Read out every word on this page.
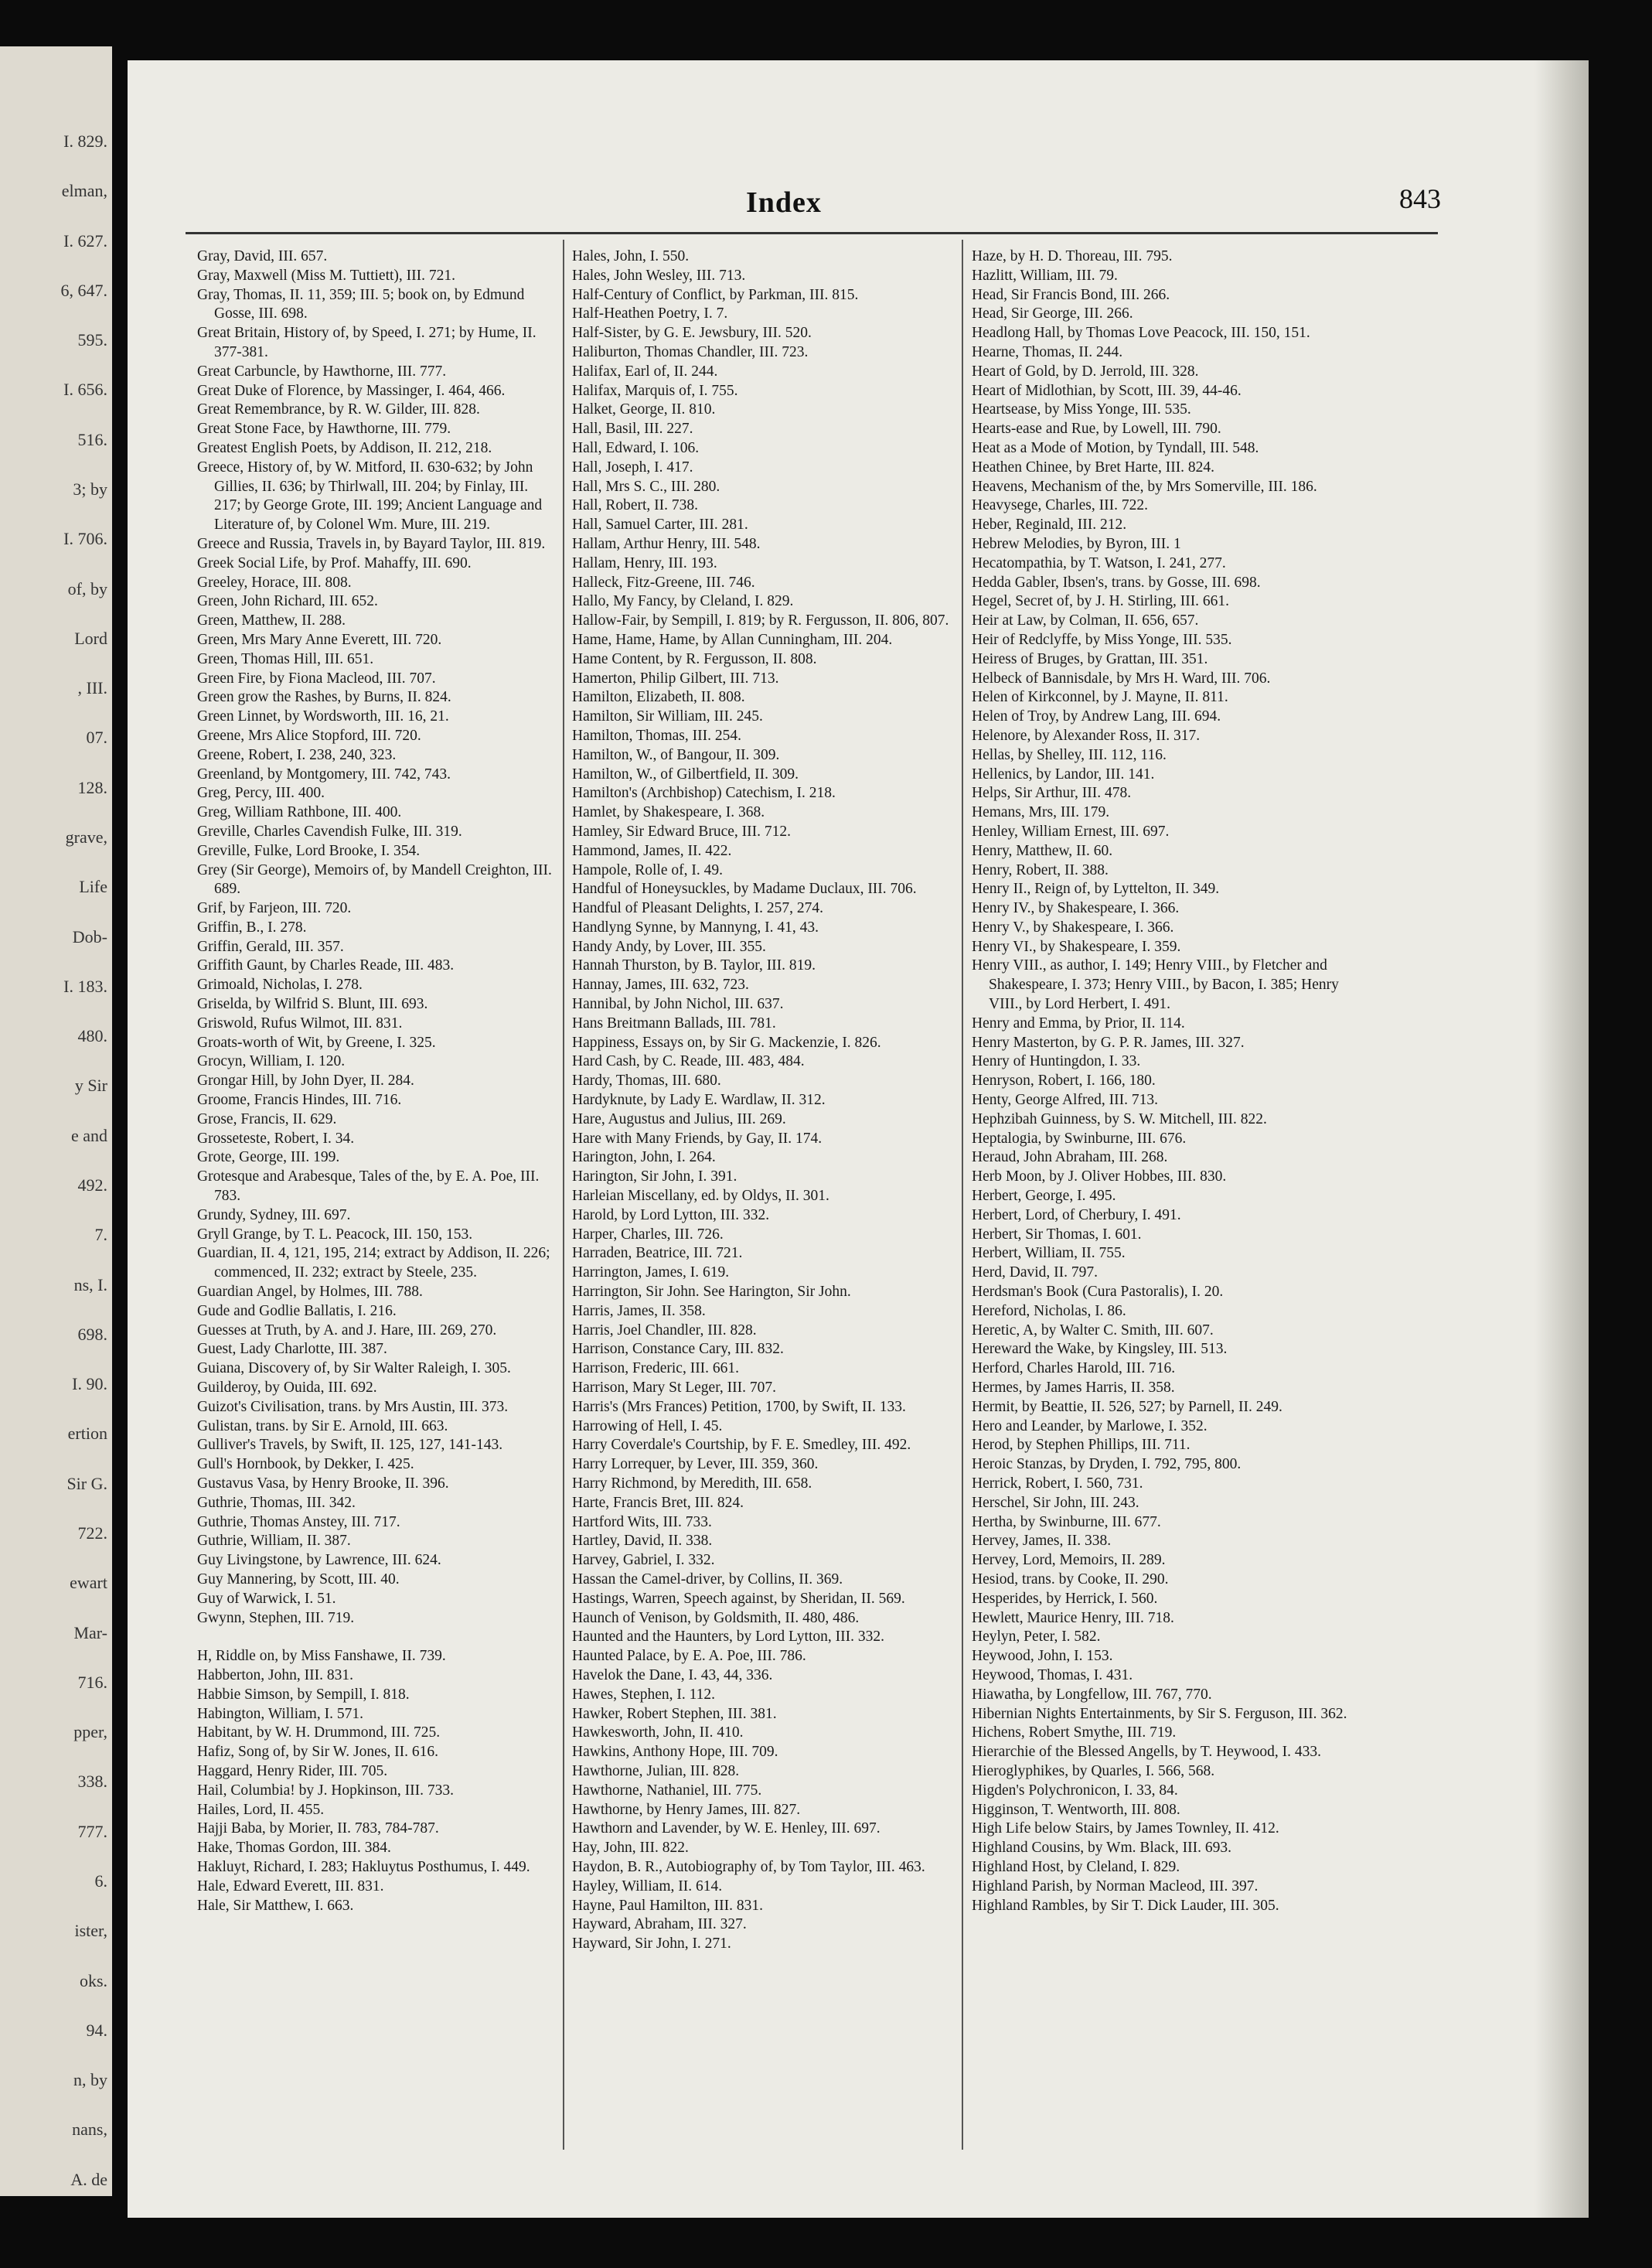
I. 829.
elman,
I. 627.
6, 647.
595.
I. 656.
516.
3; by
I. 706.
of, by
Lord
, III.
07.
128.
grave,
Life
Dob-
I. 183.
480.
y Sir
e and
492.
7.
ns, I.
698.
I. 90.
ertion
Sir G.
722.
ewart
Mar-
716.
pper,
338.
777.
6.
ister,
oks.
94.
n, by
nans,
A. de
Index	843
Gray, David, III. 657.
Gray, Maxwell (Miss M. Tuttiett), III. 721.
Gray, Thomas, II. 11, 359; III. 5; book on, by Edmund Gosse, III. 698.
Great Britain, History of, by Speed, I. 271; by Hume, II. 377-381.
Great Carbuncle, by Hawthorne, III. 777.
Great Duke of Florence, by Massinger, I. 464, 466.
Great Remembrance, by R. W. Gilder, III. 828.
Great Stone Face, by Hawthorne, III. 779.
Greatest English Poets, by Addison, II. 212, 218.
Greece, History of, by W. Mitford, II. 630-632; by John Gillies, II. 636; by Thirlwall, III. 204; by Finlay, III. 217; by George Grote, III. 199; Ancient Language and Literature of, by Colonel Wm. Mure, III. 219.
Greece and Russia, Travels in, by Bayard Taylor, III. 819.
Greek Social Life, by Prof. Mahaffy, III. 690.
Greeley, Horace, III. 808.
Green, John Richard, III. 652.
Green, Matthew, II. 288.
Green, Mrs Mary Anne Everett, III. 720.
Green, Thomas Hill, III. 651.
Green Fire, by Fiona Macleod, III. 707.
Green grow the Rashes, by Burns, II. 824.
Green Linnet, by Wordsworth, III. 16, 21.
Greene, Mrs Alice Stopford, III. 720.
Greene, Robert, I. 238, 240, 323.
Greenland, by Montgomery, III. 742, 743.
Greg, Percy, III. 400.
Greg, William Rathbone, III. 400.
Greville, Charles Cavendish Fulke, III. 319.
Greville, Fulke, Lord Brooke, I. 354.
Grey (Sir George), Memoirs of, by Mandell Creighton, III. 689.
Grif, by Farjeon, III. 720.
Griffin, B., I. 278.
Griffin, Gerald, III. 357.
Griffith Gaunt, by Charles Reade, III. 483.
Grimoald, Nicholas, I. 278.
Griselda, by Wilfrid S. Blunt, III. 693.
Griswold, Rufus Wilmot, III. 831.
Groats-worth of Wit, by Greene, I. 325.
Grocyn, William, I. 120.
Grongar Hill, by John Dyer, II. 284.
Groome, Francis Hindes, III. 716.
Grose, Francis, II. 629.
Grosseteste, Robert, I. 34.
Grote, George, III. 199.
Grotesque and Arabesque, Tales of the, by E. A. Poe, III. 783.
Grundy, Sydney, III. 697.
Gryll Grange, by T. L. Peacock, III. 150, 153.
Guardian, II. 4, 121, 195, 214; extract by Addison, II. 226; commenced, II. 232; extract by Steele, 235.
Guardian Angel, by Holmes, III. 788.
Gude and Godlie Ballatis, I. 216.
Guesses at Truth, by A. and J. Hare, III. 269, 270.
Guest, Lady Charlotte, III. 387.
Guiana, Discovery of, by Sir Walter Raleigh, I. 305.
Guilderoy, by Ouida, III. 692.
Guizot's Civilisation, trans. by Mrs Austin, III. 373.
Gulistan, trans. by Sir E. Arnold, III. 663.
Gulliver's Travels, by Swift, II. 125, 127, 141-143.
Gull's Hornbook, by Dekker, I. 425.
Gustavus Vasa, by Henry Brooke, II. 396.
Guthrie, Thomas, III. 342.
Guthrie, Thomas Anstey, III. 717.
Guthrie, William, II. 387.
Guy Livingstone, by Lawrence, III. 624.
Guy Mannering, by Scott, III. 40.
Guy of Warwick, I. 51.
Gwynn, Stephen, III. 719.

H, Riddle on, by Miss Fanshawe, II. 739.
Habberton, John, III. 831.
Habbie Simson, by Sempill, I. 818.
Habington, William, I. 571.
Habitant, by W. H. Drummond, III. 725.
Hafiz, Song of, by Sir W. Jones, II. 616.
Haggard, Henry Rider, III. 705.
Hail, Columbia! by J. Hopkinson, III. 733.
Hailes, Lord, II. 455.
Hajji Baba, by Morier, II. 783, 784-787.
Hake, Thomas Gordon, III. 384.
Hakluyt, Richard, I. 283; Hakluytus Posthumus, I. 449.
Hale, Edward Everett, III. 831.
Hale, Sir Matthew, I. 663.
Hales, John, I. 550.
Hales, John Wesley, III. 713.
Half-Century of Conflict, by Parkman, III. 815.
Half-Heathen Poetry, I. 7.
Half-Sister, by G. E. Jewsbury, III. 520.
Haliburton, Thomas Chandler, III. 723.
Halifax, Earl of, II. 244.
Halifax, Marquis of, I. 755.
Halket, George, II. 810.
Hall, Basil, III. 227.
Hall, Edward, I. 106.
Hall, Joseph, I. 417.
Hall, Mrs S. C., III. 280.
Hall, Robert, II. 738.
Hall, Samuel Carter, III. 281.
Hallam, Arthur Henry, III. 548.
Hallam, Henry, III. 193.
Halleck, Fitz-Greene, III. 746.
Hallo, My Fancy, by Cleland, I. 829.
Hallow-Fair, by Sempill, I. 819; by R. Fergusson, II. 806, 807.
Hame, Hame, Hame, by Allan Cunningham, III. 204.
Hame Content, by R. Fergusson, II. 808.
Hamerton, Philip Gilbert, III. 713.
Hamilton, Elizabeth, II. 808.
Hamilton, Sir William, III. 245.
Hamilton, Thomas, III. 254.
Hamilton, W., of Bangour, II. 309.
Hamilton, W., of Gilbertfield, II. 309.
Hamilton's (Archbishop) Catechism, I. 218.
Hamlet, by Shakespeare, I. 368.
Hamley, Sir Edward Bruce, III. 712.
Hammond, James, II. 422.
Hampole, Rolle of, I. 49.
Handful of Honeysuckles, by Madame Duclaux, III. 706.
Handful of Pleasant Delights, I. 257, 274.
Handlyng Synne, by Mannyng, I. 41, 43.
Handy Andy, by Lover, III. 355.
Hannah Thurston, by B. Taylor, III. 819.
Hannay, James, III. 632, 723.
Hannibal, by John Nichol, III. 637.
Hans Breitmann Ballads, III. 781.
Happiness, Essays on, by Sir G. Mackenzie, I. 826.
Hard Cash, by C. Reade, III. 483, 484.
Hardy, Thomas, III. 680.
Hardyknute, by Lady E. Wardlaw, II. 312.
Hare, Augustus and Julius, III. 269.
Hare with Many Friends, by Gay, II. 174.
Harington, John, I. 264.
Harington, Sir John, I. 391.
Harleian Miscellany, ed. by Oldys, II. 301.
Harold, by Lord Lytton, III. 332.
Harper, Charles, III. 726.
Harraden, Beatrice, III. 721.
Harrington, James, I. 619.
Harrington, Sir John. See Harington, Sir John.
Harris, James, II. 358.
Harris, Joel Chandler, III. 828.
Harrison, Constance Cary, III. 832.
Harrison, Frederic, III. 661.
Harrison, Mary St Leger, III. 707.
Harris's (Mrs Frances) Petition, 1700, by Swift, II. 133.
Harrowing of Hell, I. 45.
Harry Coverdale's Courtship, by F. E. Smedley, III. 492.
Harry Lorrequer, by Lever, III. 359, 360.
Harry Richmond, by Meredith, III. 658.
Harte, Francis Bret, III. 824.
Hartford Wits, III. 733.
Hartley, David, II. 338.
Harvey, Gabriel, I. 332.
Hassan the Camel-driver, by Collins, II. 369.
Hastings, Warren, Speech against, by Sheridan, II. 569.
Haunch of Venison, by Goldsmith, II. 480, 486.
Haunted and the Haunters, by Lord Lytton, III. 332.
Haunted Palace, by E. A. Poe, III. 786.
Havelok the Dane, I. 43, 44, 336.
Hawes, Stephen, I. 112.
Hawker, Robert Stephen, III. 381.
Hawkesworth, John, II. 410.
Hawkins, Anthony Hope, III. 709.
Hawthorne, Julian, III. 828.
Hawthorne, Nathaniel, III. 775.
Hawthorne, by Henry James, III. 827.
Hawthorn and Lavender, by W. E. Henley, III. 697.
Hay, John, III. 822.
Haydon, B. R., Autobiography of, by Tom Taylor, III. 463.
Hayley, William, II. 614.
Hayne, Paul Hamilton, III. 831.
Hayward, Abraham, III. 327.
Hayward, Sir John, I. 271.
Haze, by H. D. Thoreau, III. 795.
Hazlitt, William, III. 79.
Head, Sir Francis Bond, III. 266.
Head, Sir George, III. 266.
Headlong Hall, by Thomas Love Peacock, III. 150, 151.
Hearne, Thomas, II. 244.
Heart of Gold, by D. Jerrold, III. 328.
Heart of Midlothian, by Scott, III. 39, 44-46.
Heartsease, by Miss Yonge, III. 535.
Hearts-ease and Rue, by Lowell, III. 790.
Heat as a Mode of Motion, by Tyndall, III. 548.
Heathen Chinee, by Bret Harte, III. 824.
Heavens, Mechanism of the, by Mrs Somerville, III. 186.
Heavysege, Charles, III. 722.
Heber, Reginald, III. 212.
Hebrew Melodies, by Byron, III. 1
Hecatompathia, by T. Watson, I. 241, 277.
Hedda Gabler, Ibsen's, trans. by Gosse, III. 698.
Hegel, Secret of, by J. H. Stirling, III. 661.
Heir at Law, by Colman, II. 656, 657.
Heir of Redclyffe, by Miss Yonge, III. 535.
Heiress of Bruges, by Grattan, III. 351.
Helbeck of Bannisdale, by Mrs H. Ward, III. 706.
Helen of Kirkconnel, by J. Mayne, II. 811.
Helen of Troy, by Andrew Lang, III. 694.
Helenore, by Alexander Ross, II. 317.
Hellas, by Shelley, III. 112, 116.
Hellenics, by Landor, III. 141.
Helps, Sir Arthur, III. 478.
Hemans, Mrs, III. 179.
Henley, William Ernest, III. 697.
Henry, Matthew, II. 60.
Henry, Robert, II. 388.
Henry II., Reign of, by Lyttelton, II. 349.
Henry IV., by Shakespeare, I. 366.
Henry V., by Shakespeare, I. 366.
Henry VI., by Shakespeare, I. 359.
Henry VIII., as author, I. 149; Henry VIII., by Fletcher and Shakespeare, I. 373; Henry VIII., by Bacon, I. 385; Henry VIII., by Lord Herbert, I. 491.
Henry and Emma, by Prior, II. 114.
Henry Masterton, by G. P. R. James, III. 327.
Henry of Huntingdon, I. 33.
Henryson, Robert, I. 166, 180.
Henty, George Alfred, III. 713.
Hephzibah Guinness, by S. W. Mitchell, III. 822.
Heptalogia, by Swinburne, III. 676.
Heraud, John Abraham, III. 268.
Herb Moon, by J. Oliver Hobbes, III. 830.
Herbert, George, I. 495.
Herbert, Lord, of Cherbury, I. 491.
Herbert, Sir Thomas, I. 601.
Herbert, William, II. 755.
Herd, David, II. 797.
Herdsman's Book (Cura Pastoralis), I. 20.
Hereford, Nicholas, I. 86.
Heretic, A, by Walter C. Smith, III. 607.
Hereward the Wake, by Kingsley, III. 513.
Herford, Charles Harold, III. 716.
Hermes, by James Harris, II. 358.
Hermit, by Beattie, II. 526, 527; by Parnell, II. 249.
Hero and Leander, by Marlowe, I. 352.
Herod, by Stephen Phillips, III. 711.
Heroic Stanzas, by Dryden, I. 792, 795, 800.
Herrick, Robert, I. 560, 731.
Herschel, Sir John, III. 243.
Hertha, by Swinburne, III. 677.
Hervey, James, II. 338.
Hervey, Lord, Memoirs, II. 289.
Hesiod, trans. by Cooke, II. 290.
Hesperides, by Herrick, I. 560.
Hewlett, Maurice Henry, III. 718.
Heylyn, Peter, I. 582.
Heywood, John, I. 153.
Heywood, Thomas, I. 431.
Hiawatha, by Longfellow, III. 767, 770.
Hibernian Nights Entertainments, by Sir S. Ferguson, III. 362.
Hichens, Robert Smythe, III. 719.
Hierarchie of the Blessed Angells, by T. Heywood, I. 433.
Hieroglyphikes, by Quarles, I. 566, 568.
Higden's Polychronicon, I. 33, 84.
Higginson, T. Wentworth, III. 808.
High Life below Stairs, by James Townley, II. 412.
Highland Cousins, by Wm. Black, III. 693.
Highland Host, by Cleland, I. 829.
Highland Parish, by Norman Macleod, III. 397.
Highland Rambles, by Sir T. Dick Lauder, III. 305.
